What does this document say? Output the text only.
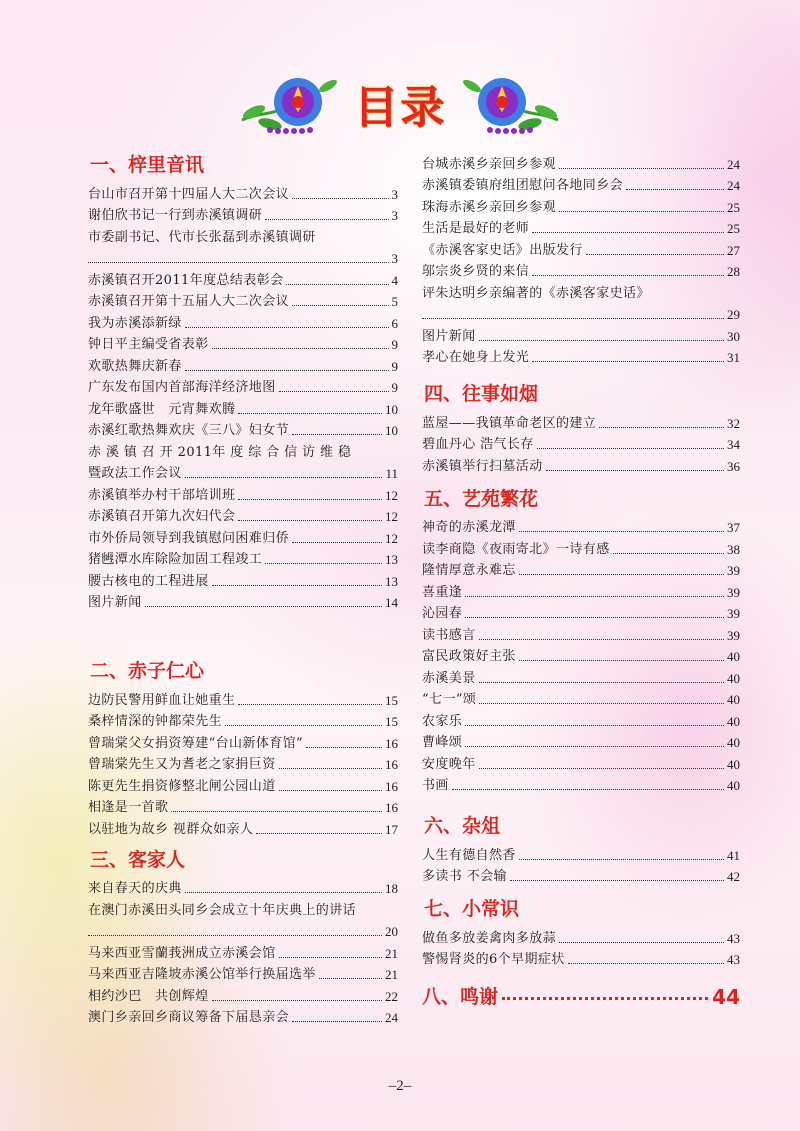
目录
一、梓里音讯
台山市召开第十四届人大二次会议	3
谢伯欣书记一行到赤溪镇调研	3
市委副书记、代市长张磊到赤溪镇调研
3
赤溪镇召开2011年度总结表彰会	4
赤溪镇召开第十五届人大二次会议	5
我为赤溪添新绿	6
钟日平主编受省表彰	9
欢歌热舞庆新春	9
广东发布国内首部海洋经济地图	9
龙年歌盛世　元宵舞欢腾	10
赤溪红歌热舞欢庆《三八》妇女节	10
赤 溪 镇 召 开 2011年 度 综 合 信 访 维 稳
暨政法工作会议	11
赤溪镇举办村干部培训班	12
赤溪镇召开第九次妇代会	12
市外侨局领导到我镇慰问困难归侨	12
猪乸潭水库除险加固工程竣工	13
腰古核电的工程进展	13
图片新闻	14
二、赤子仁心
边防民警用鲜血让她重生	15
桑梓情深的钟都荣先生	15
曾瑞棠父女捐资筹建“台山新体育馆”	16
曾瑞棠先生又为耆老之家捐巨资	16
陈更先生捐资修整北闸公园山道	16
相逢是一首歌	16
以驻地为故乡 视群众如亲人	17
三、客家人
来自春天的庆典	18
在澳门赤溪田头同乡会成立十年庆典上的讲话
20
马来西亚雪蘭莪洲成立赤溪会馆	21
马来西亚吉隆坡赤溪公馆举行换届选举	21
相约沙巴　共创辉煌	22
澳门乡亲回乡商议筹备下届恳亲会	24
台城赤溪乡亲回乡参观	24
赤溪镇委镇府组团慰问各地同乡会	24
珠海赤溪乡亲回乡参观	25
生活是最好的老师	25
《赤溪客家史话》出版发行	27
邬宗炎乡贤的来信	28
评朱达明乡亲编著的《赤溪客家史话》
29
图片新闻	30
孝心在她身上发光	31
四、往事如烟
蓝屋——我镇革命老区的建立	32
碧血丹心 浩气长存	34
赤溪镇举行扫墓活动	36
五、艺苑繁花
神奇的赤溪龙潭	37
读李商隐《夜雨寄北》一诗有感	38
隆情厚意永难忘	39
喜重逢	39
沁园春	39
读书感言	39
富民政策好主张	40
赤溪美景	40
“七一”颂	40
农家乐	40
曹峰颂	40
安度晚年	40
书画	40
六、杂俎
人生有德自然香	41
多读书 不会输	42
七、小常识
做鱼多放姜禽肉多放蒜	43
警惕肾炎的6个早期症状	43
八、鸣谢	44
–2–
